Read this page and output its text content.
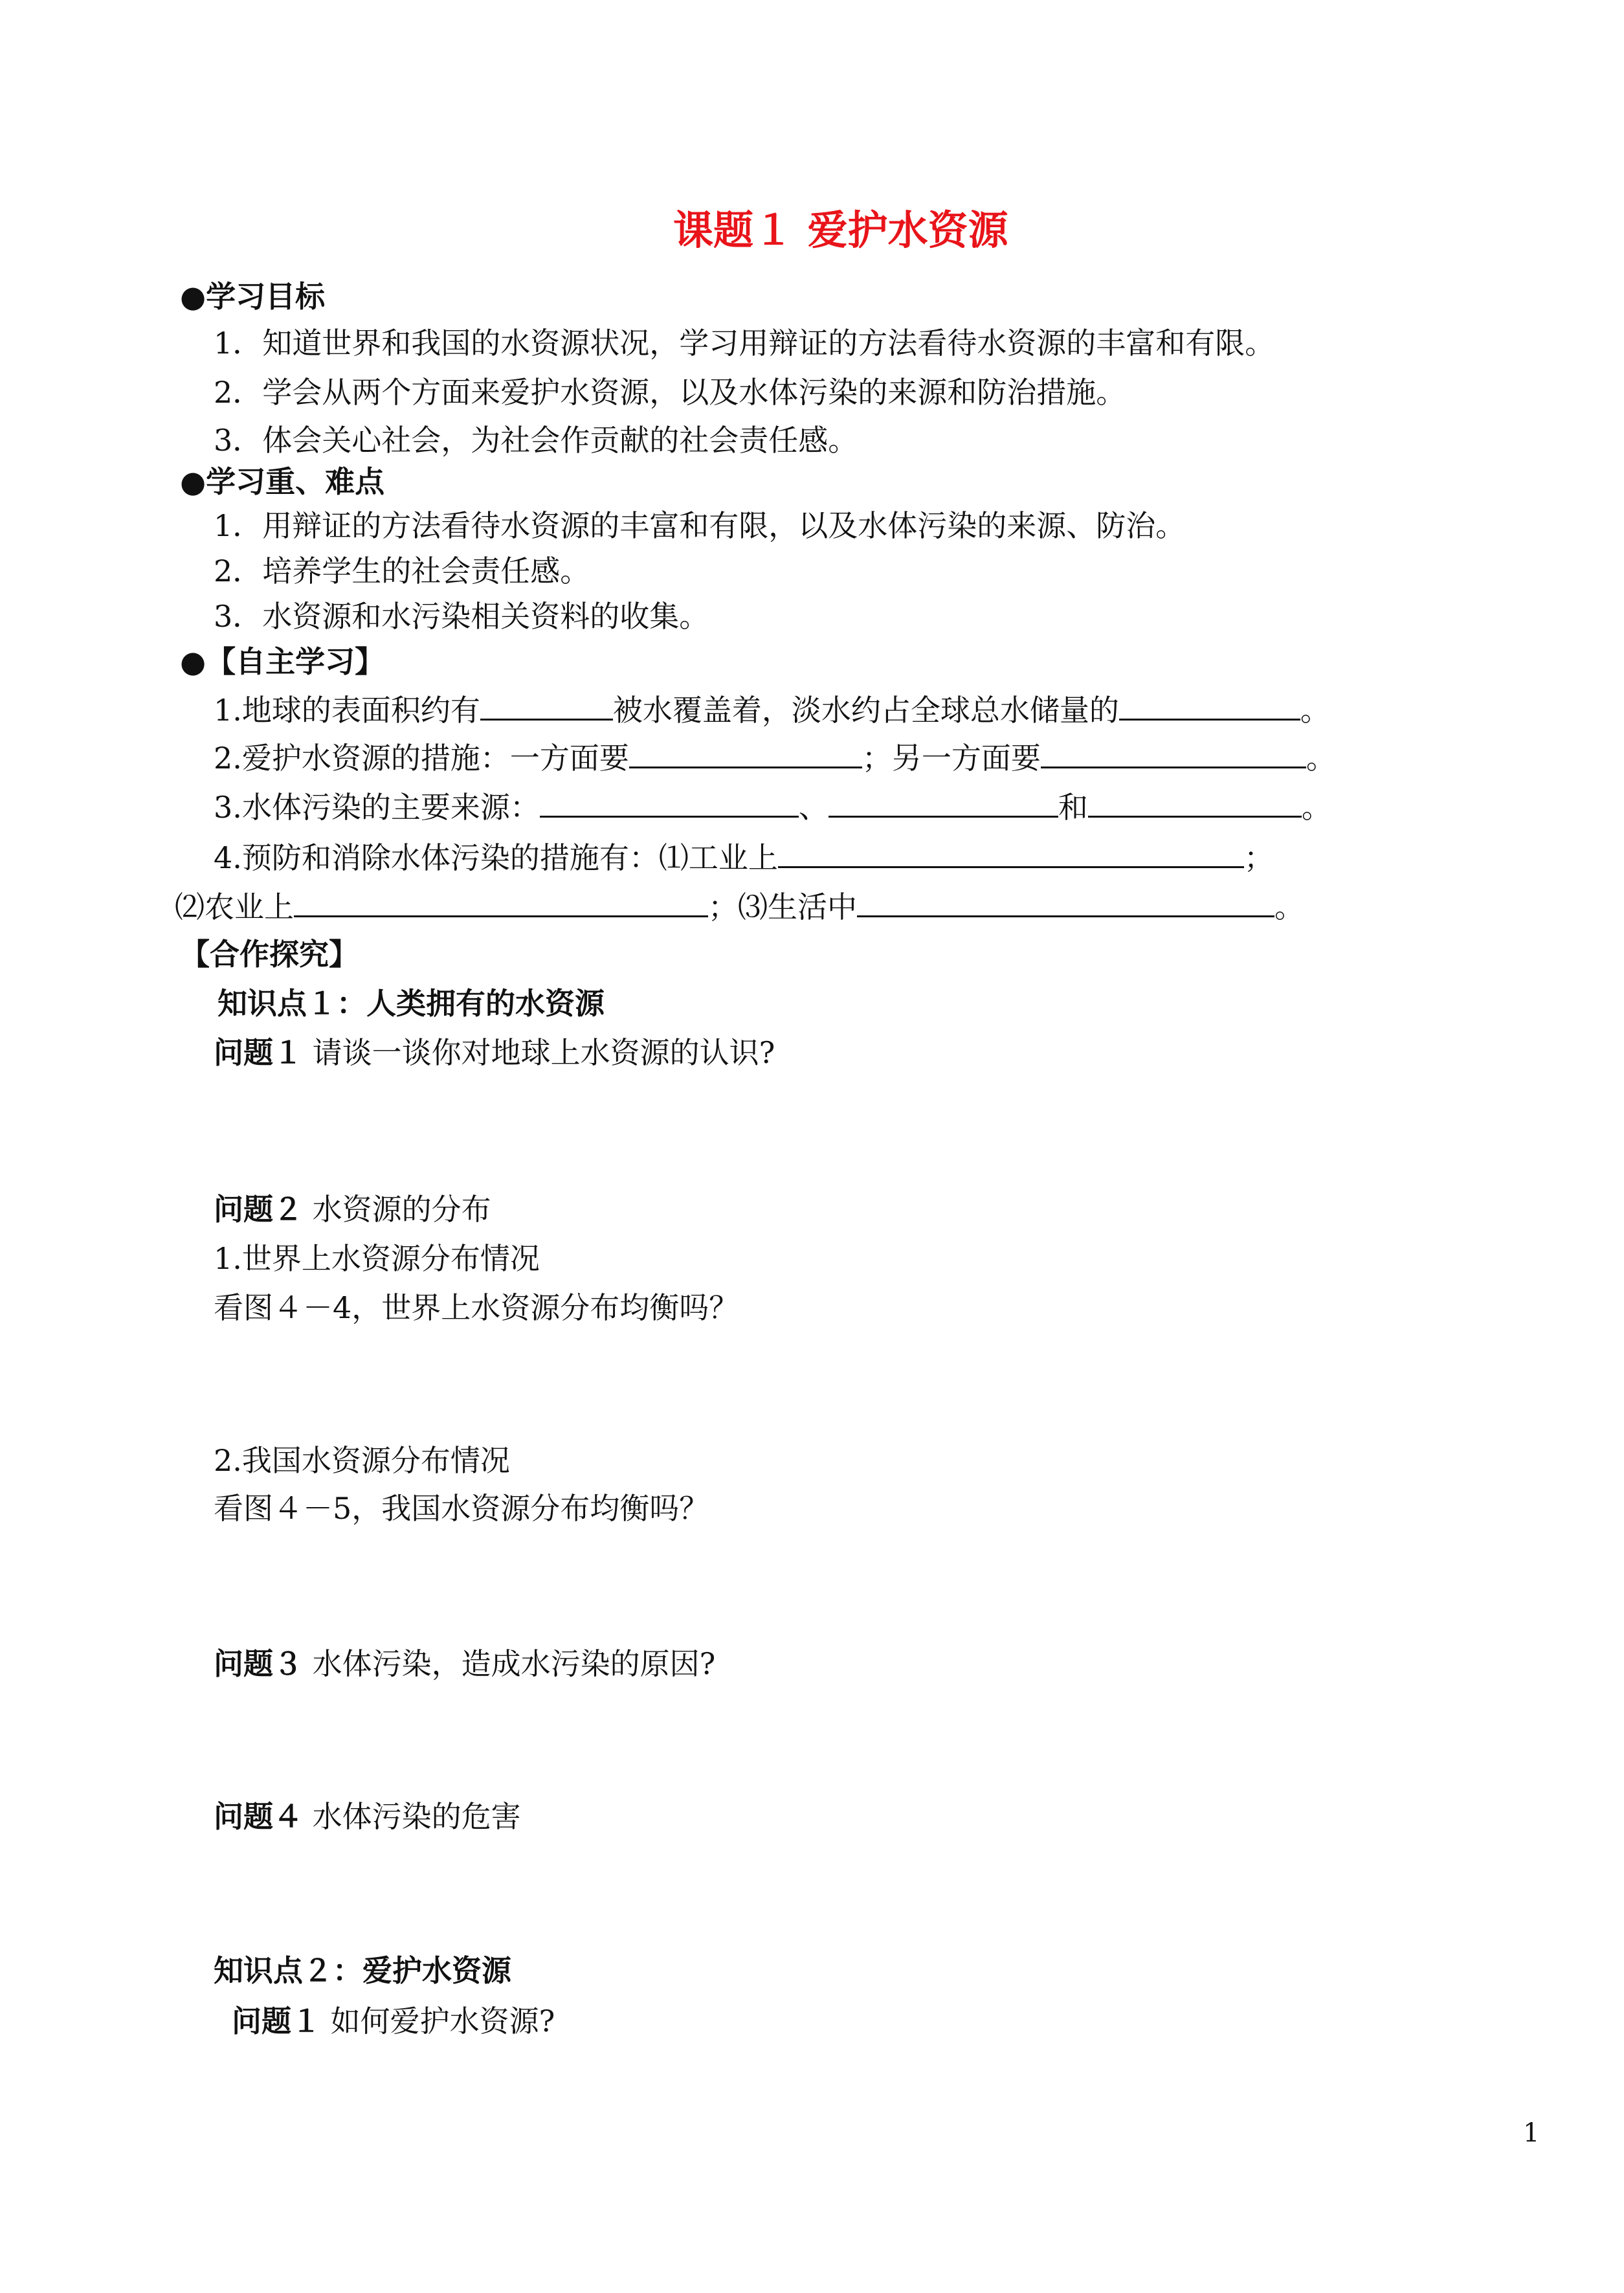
课题１ 爱护水资源
●学习目标
1．知道世界和我国的水资源状况，学习用辩证的方法看待水资源的丰富和有限。
2．学会从两个方面来爱护水资源，以及水体污染的来源和防治措施。
3．体会关心社会，为社会作贡献的社会责任感。
●学习重、难点
1．用辩证的方法看待水资源的丰富和有限，以及水体污染的来源、防治。
2．培养学生的社会责任感。
3．水资源和水污染相关资料的收集。
●【自主学习】
1.地球的表面积约有	被水覆盖着，淡水约占全球总水储量的	。
2.爱护水资源的措施：一方面要	；另一方面要	。
3.水体污染的主要来源：	、	和	。
4.预防和消除水体污染的措施有：⑴工业上	；
⑵农业上	；⑶生活中	。
【合作探究】
知识点１：人类拥有的水资源
问题１ 请谈一谈你对地球上水资源的认识?
问题２ 水资源的分布
1.世界上水资源分布情况
看图４－4，世界上水资源分布均衡吗？
2.我国水资源分布情况
看图４－5，我国水资源分布均衡吗？
问题３ 水体污染，造成水污染的原因?
问题４ 水体污染的危害
知识点２：爱护水资源
问题１ 如何爱护水资源?
1
